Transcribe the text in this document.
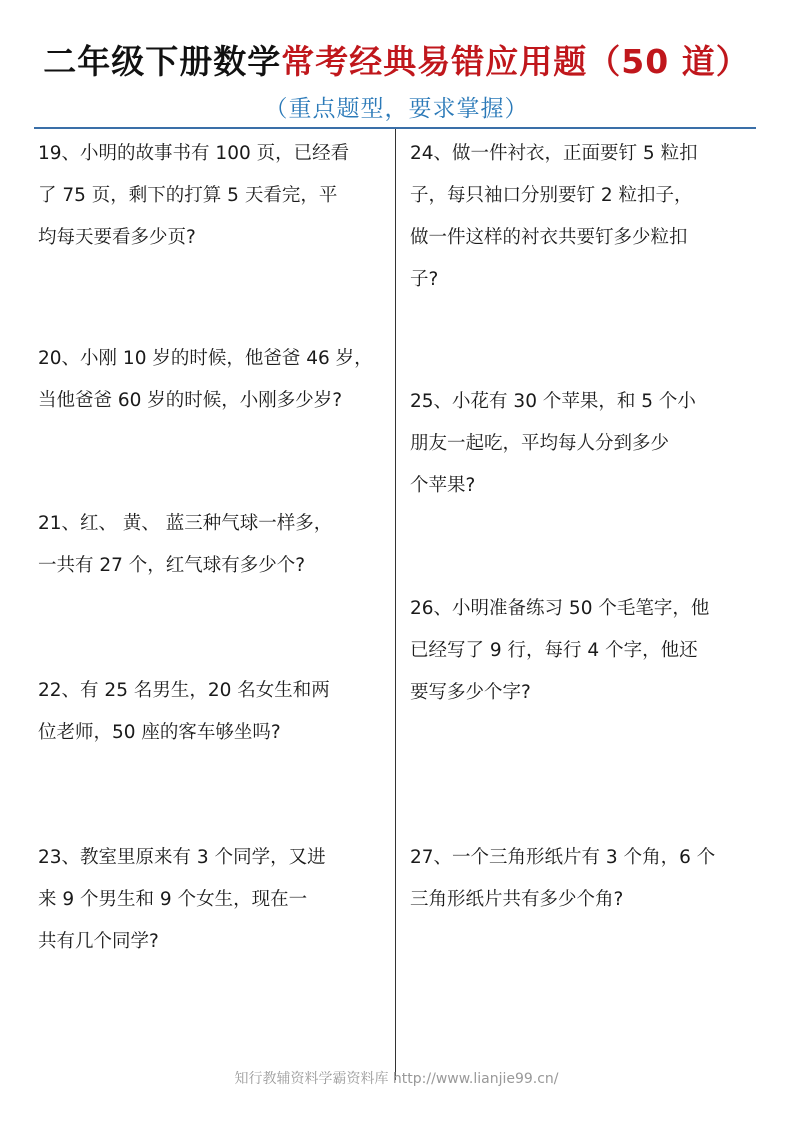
二年级下册数学常考经典易错应用题（50 道）
（重点题型，要求掌握）
19、小明的故事书有 100 页，已经看
了 75 页，剩下的打算 5 天看完，平
均每天要看多少页?
20、小刚 10 岁的时候，他爸爸 46 岁，
当他爸爸 60 岁的时候，小刚多少岁?
21、红、 黄、 蓝三种气球一样多，
一共有 27 个，红气球有多少个?
22、有 25 名男生，20 名女生和两
位老师，50 座的客车够坐吗?
23、教室里原来有 3 个同学，又进
来 9 个男生和 9 个女生，现在一
共有几个同学?
24、做一件衬衣，正面要钉 5 粒扣
子，每只袖口分别要钉 2 粒扣子，
做一件这样的衬衣共要钉多少粒扣
子?
25、小花有 30 个苹果，和 5 个小
朋友一起吃，平均每人分到多少
个苹果?
26、小明准备练习 50 个毛笔字，他
已经写了 9 行，每行 4 个字，他还
要写多少个字?
27、一个三角形纸片有 3 个角，6 个
三角形纸片共有多少个角?
知行教辅资料学霸资料库 http://www.lianjie99.cn/
